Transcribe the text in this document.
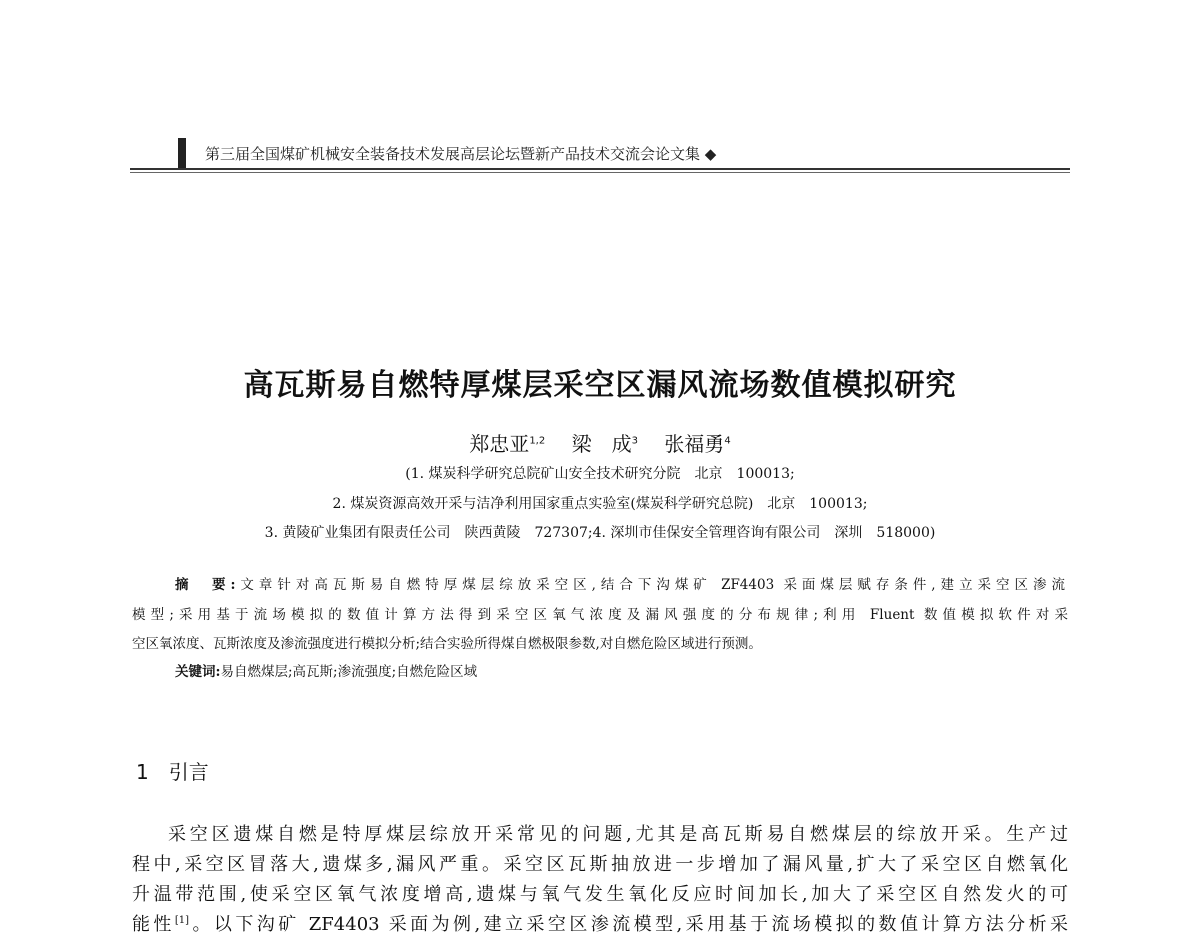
第三届全国煤矿机械安全装备技术发展高层论坛暨新产品技术交流会论文集 ◆
高瓦斯易自燃特厚煤层采空区漏风流场数值模拟研究
郑忠亚$^{1,2}$  梁　成$^3$  张福勇$^4$
(1. 煤炭科学研究总院矿山安全技术研究分院　北京　100013;
2. 煤炭资源高效开采与洁净利用国家重点实验室(煤炭科学研究总院)　北京　100013;
3. 黄陵矿业集团有限责任公司　陕西黄陵　727307;4. 深圳市佳保安全管理咨询有限公司　深圳　518000)
摘　要:文章针对高瓦斯易自燃特厚煤层综放采空区,结合下沟煤矿 ZF4403 采面煤层赋存条件,建立采空区渗流
模型;采用基于流场模拟的数值计算方法得到采空区氧气浓度及漏风强度的分布规律;利用 Fluent 数值模拟软件对采
空区氧浓度、瓦斯浓度及渗流强度进行模拟分析;结合实验所得煤自燃极限参数,对自燃危险区域进行预测。
关键词:易自燃煤层;高瓦斯;渗流强度;自燃危险区域
1  引言
采空区遗煤自燃是特厚煤层综放开采常见的问题,尤其是高瓦斯易自燃煤层的综放开采。生产过
程中,采空区冒落大,遗煤多,漏风严重。采空区瓦斯抽放进一步增加了漏风量,扩大了采空区自燃氧化
升温带范围,使采空区氧气浓度增高,遗煤与氧气发生氧化反应时间加长,加大了采空区自然发火的可
能性[1]。以下沟矿 ZF4403 采面为例,建立采空区渗流模型,采用基于流场模拟的数值计算方法分析采
